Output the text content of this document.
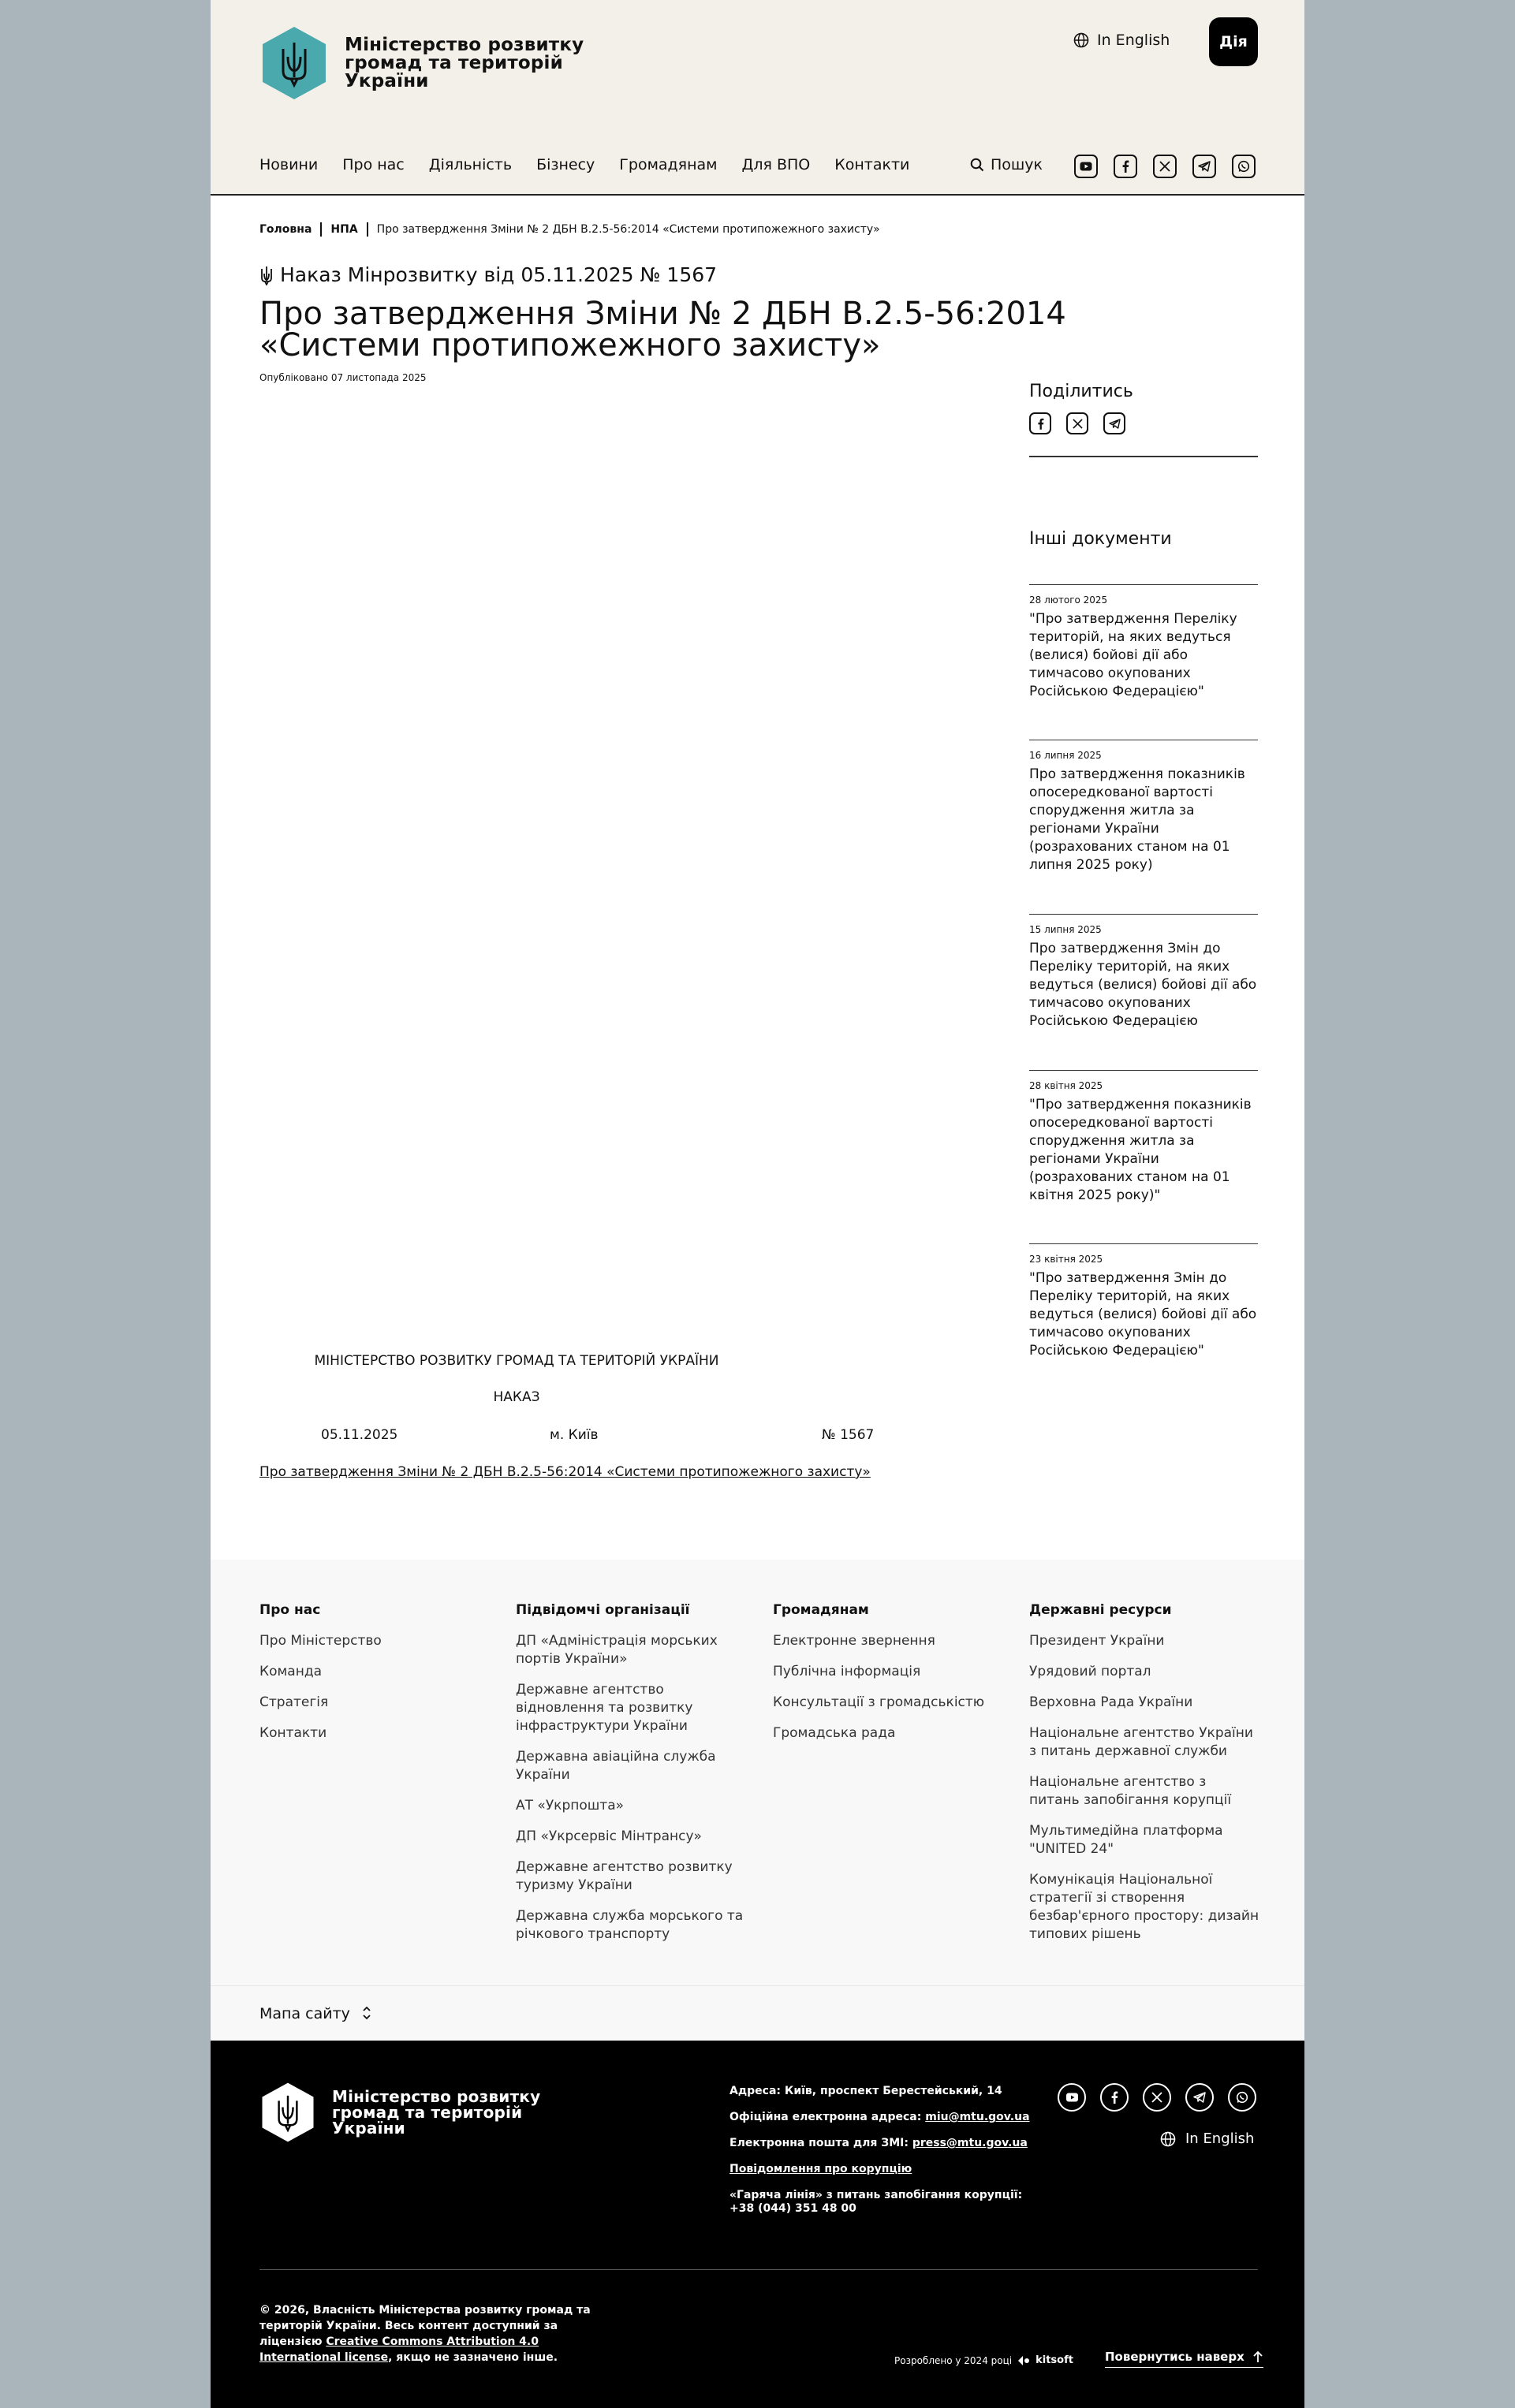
Міністерство розвитку
громад та територій
України
In English	Дія
Новини Про нас Діяльність Бізнесу Громадянам Для ВПО Контакти	Пошук
Головна НПА Про затвердження Зміни № 2 ДБН В.2.5-56:2014 «Системи протипожежного захисту»
Наказ Мінрозвитку від 05.11.2025 № 1567
Про затвердження Зміни № 2 ДБН В.2.5-56:2014 «Системи протипожежного захисту»
Опубліковано 07 листопада 2025
МІНІСТЕРСТВО РОЗВИТКУ ГРОМАД ТА ТЕРИТОРІЙ УКРАЇНИ
НАКАЗ
05.11.2025	м. Київ	№ 1567
Про затвердження Зміни № 2 ДБН В.2.5-56:2014 «Системи протипожежного захисту»
Поділитись
Інші документи
28 лютого 2025
"Про затвердження Переліку територій, на яких ведуться (велися) бойові дії або тимчасово окупованих Російською Федерацією"
16 липня 2025
Про затвердження показників опосередкованої вартості спорудження житла за регіонами України (розрахованих станом на 01 липня 2025 року)
15 липня 2025
Про затвердження Змін до Переліку територій, на яких ведуться (велися) бойові дії або тимчасово окупованих Російською Федерацією
28 квітня 2025
"Про затвердження показників опосередкованої вартості спорудження житла за регіонами України (розрахованих станом на 01 квітня 2025 року)"
23 квітня 2025
"Про затвердження Змін до Переліку територій, на яких ведуться (велися) бойові дії або тимчасово окупованих Російською Федерацією"
Про нас
Про Міністерство
Команда
Стратегія
Контакти
Підвідомчі організації
ДП «Адміністрація морських портів України»
Державне агентство відновлення та розвитку інфраструктури України
Державна авіаційна служба України
АТ «Укрпошта»
ДП «Укрсервіс Мінтрансу»
Державне агентство розвитку туризму України
Державна служба морського та річкового транспорту
Громадянам
Електронне звернення
Публічна інформація
Консультації з громадськістю
Громадська рада
Державні ресурси
Президент України
Урядовий портал
Верховна Рада України
Національне агентство України з питань державної служби
Національне агентство з питань запобігання корупції
Мультимедійна платформа "UNITED 24"
Комунікація Національної стратегії зі створення безбар'єрного простору: дизайн типових рішень
Мапа сайту
Міністерство розвитку
громад та територій
України
Адреса: Київ, проспект Берестейський, 14
Офіційна електронна адреса: miu@mtu.gov.ua
Електронна пошта для ЗМІ: press@mtu.gov.ua
Повідомлення про корупцію
«Гаряча лінія» з питань запобігання корупції:
+38 (044) 351 48 00
In English
© 2026, Власність Міністерства розвитку громад та територій України. Весь контент доступний за ліцензією Creative Commons Attribution 4.0 International license, якщо не зазначено інше.	Розроблено у 2024 році kitsoft	Повернутись наверх
